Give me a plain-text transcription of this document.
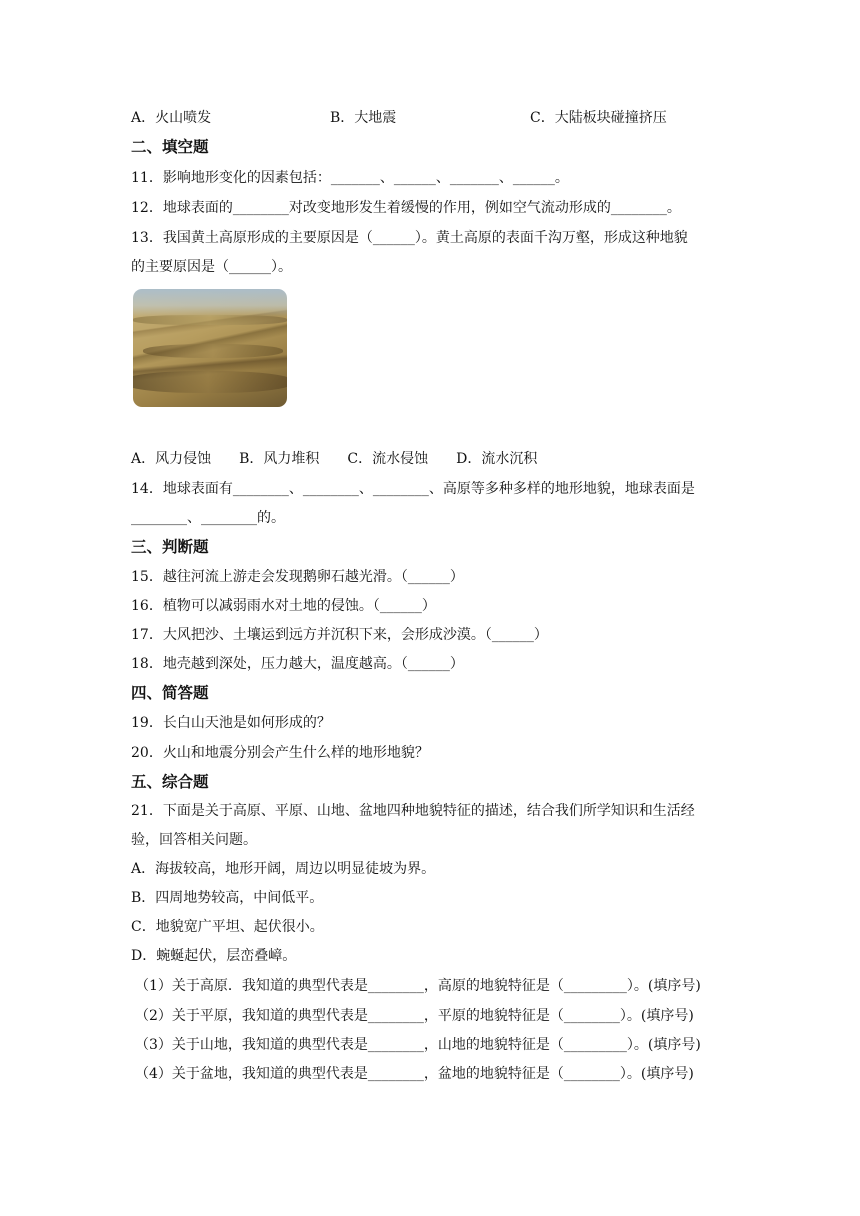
A．火山喷发	B．大地震	C．大陆板块碰撞挤压
二、填空题
11．影响地形变化的因素包括：_______、______、_______、______。
12．地球表面的________对改变地形发生着缓慢的作用，例如空气流动形成的________。
13．我国黄土高原形成的主要原因是（______）。黄土高原的表面千沟万壑，形成这种地貌
的主要原因是（______）。
A．风力侵蚀　　B．风力堆积　　C．流水侵蚀　　D．流水沉积
14．地球表面有________、________、________、高原等多种多样的地形地貌，地球表面是
________、________的。
三、判断题
15．越往河流上游走会发现鹅卵石越光滑。（______）
16．植物可以减弱雨水对土地的侵蚀。（______）
17．大风把沙、土壤运到远方并沉积下来，会形成沙漠。（______）
18．地壳越到深处，压力越大，温度越高。（______）
四、简答题
19．长白山天池是如何形成的？
20．火山和地震分别会产生什么样的地形地貌？
五、综合题
21．下面是关于高原、平原、山地、盆地四种地貌特征的描述，结合我们所学知识和生活经
验，回答相关问题。
A．海拔较高，地形开阔，周边以明显徒坡为界。
B．四周地势较高，中间低平。
C．地貌宽广平坦、起伏很小。
D．蜿蜒起伏，层峦叠嶂。
（1）关于高原．我知道的典型代表是________，高原的地貌特征是（_________）。(填序号)
（2）关于平原，我知道的典型代表是________，平原的地貌特征是（________）。(填序号)
（3）关于山地，我知道的典型代表是________，山地的地貌特征是（_________）。(填序号)
（4）关于盆地，我知道的典型代表是________，盆地的地貌特征是（________）。(填序号)
